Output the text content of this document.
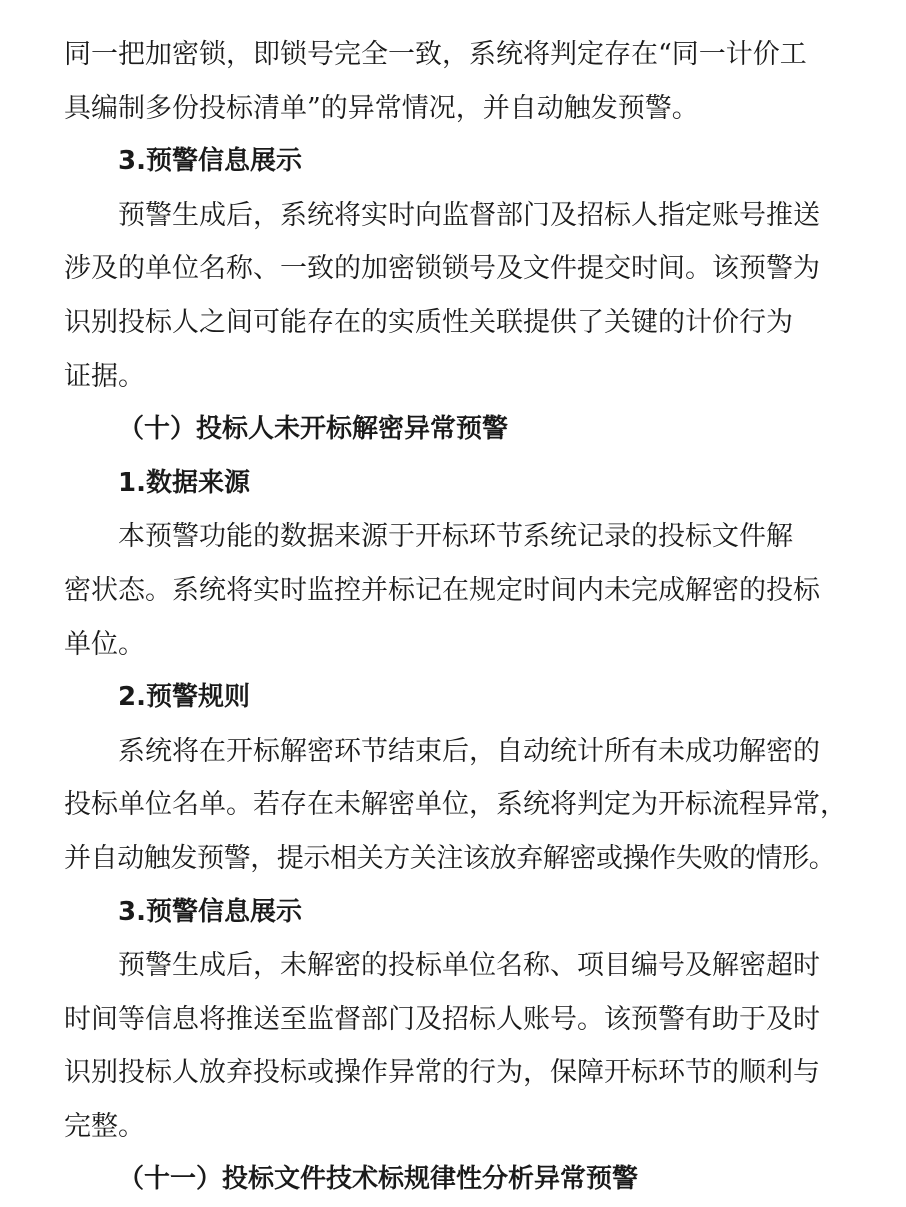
同一把加密锁，即锁号完全一致，系统将判定存在“同一计价工

具编制多份投标清单”的异常情况，并自动触发预警。

3.预警信息展示

预警生成后，系统将实时向监督部门及招标人指定账号推送

涉及的单位名称、一致的加密锁锁号及文件提交时间。该预警为

识别投标人之间可能存在的实质性关联提供了关键的计价行为

证据。

（十）投标人未开标解密异常预警

1.数据来源

本预警功能的数据来源于开标环节系统记录的投标文件解

密状态。系统将实时监控并标记在规定时间内未完成解密的投标

单位。

2.预警规则

系统将在开标解密环节结束后，自动统计所有未成功解密的

投标单位名单。若存在未解密单位，系统将判定为开标流程异常，

并自动触发预警，提示相关方关注该放弃解密或操作失败的情形。

3.预警信息展示

预警生成后，未解密的投标单位名称、项目编号及解密超时

时间等信息将推送至监督部门及招标人账号。该预警有助于及时

识别投标人放弃投标或操作异常的行为，保障开标环节的顺利与

完整。

（十一）投标文件技术标规律性分析异常预警
